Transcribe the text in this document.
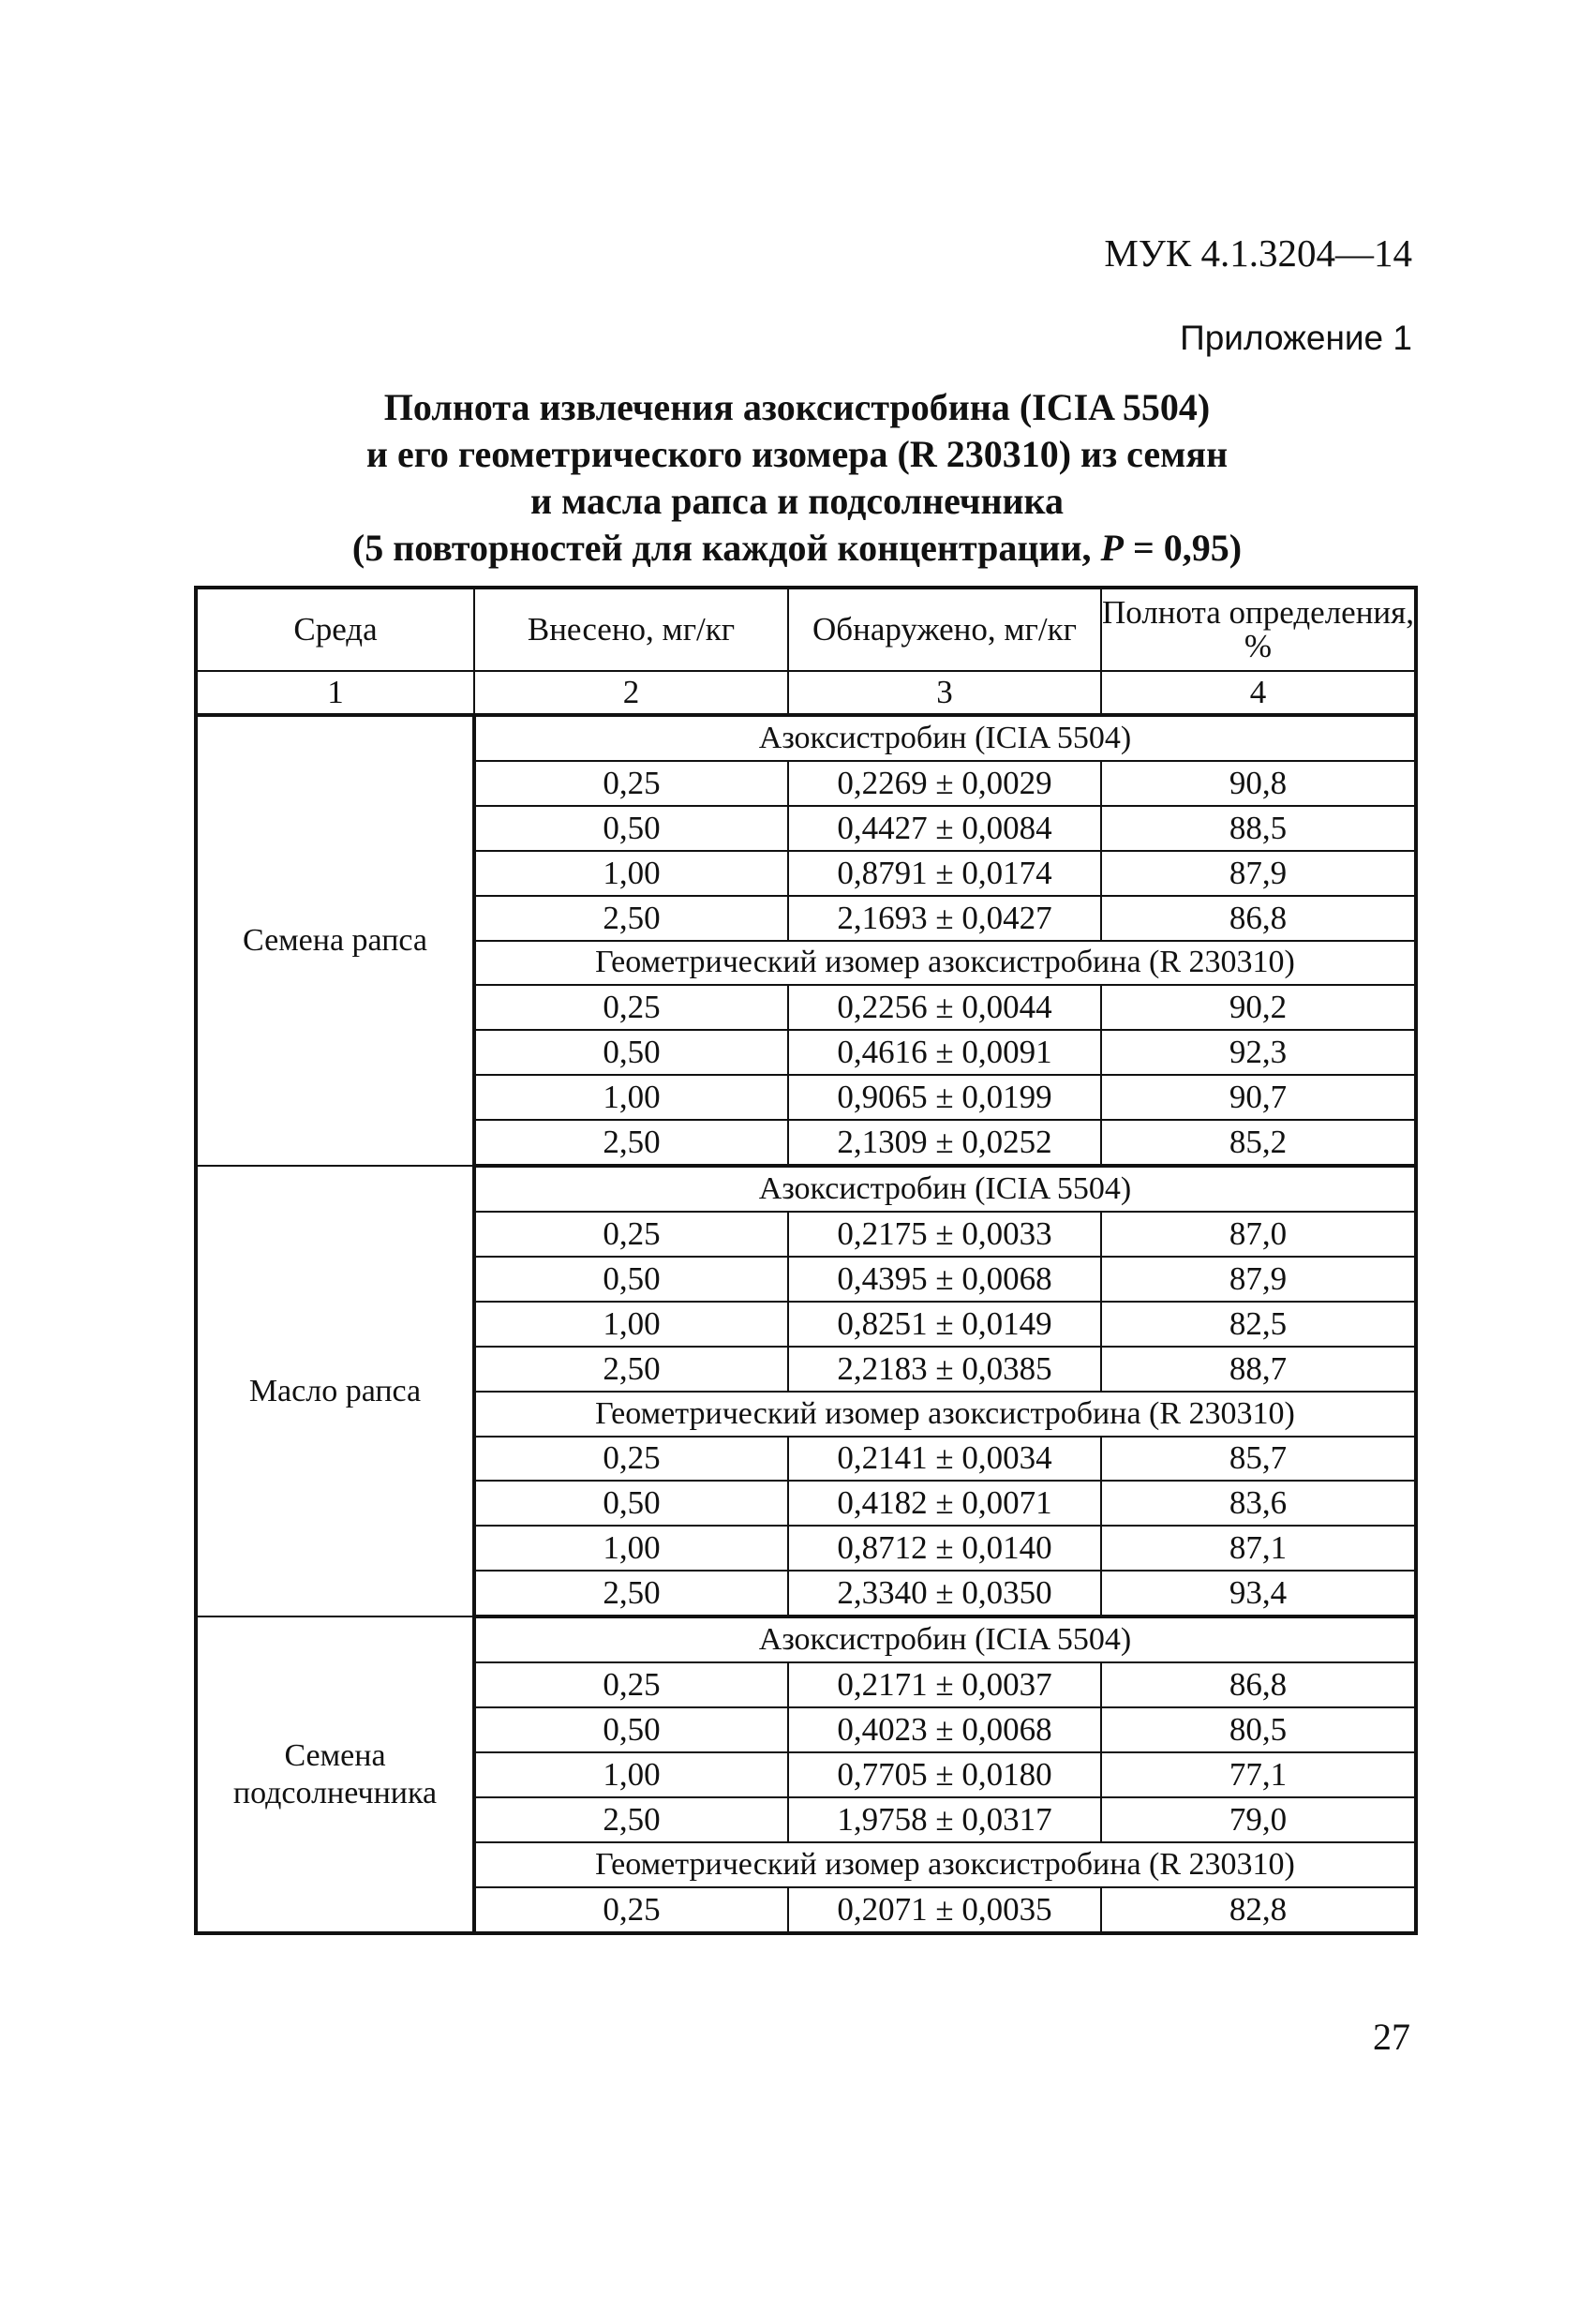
МУК 4.1.3204—14
Приложение 1
Полнота извлечения азоксистробина (ICIA 5504)
и его геометрического изомера (R 230310) из семян
и масла рапса и подсолнечника
(5 повторностей для каждой концентрации, P = 0,95)
Среда	Внесено, мг/кг	Обнаружено, мг/кг	Полнота определения, %
1	2	3	4
Семена рапса	Азоксистробин (ICIA 5504)		
	0,25	0,2269 ± 0,0029	90,8
	0,50	0,4427 ± 0,0084	88,5
	1,00	0,8791 ± 0,0174	87,9
	2,50	2,1693 ± 0,0427	86,8
	Геометрический изомер азоксистробина (R 230310)		
	0,25	0,2256 ± 0,0044	90,2
	0,50	0,4616 ± 0,0091	92,3
	1,00	0,9065 ± 0,0199	90,7
	2,50	2,1309 ± 0,0252	85,2
Масло рапса	Азоксистробин (ICIA 5504)		
	0,25	0,2175 ± 0,0033	87,0
	0,50	0,4395 ± 0,0068	87,9
	1,00	0,8251 ± 0,0149	82,5
	2,50	2,2183 ± 0,0385	88,7
	Геометрический изомер азоксистробина (R 230310)		
	0,25	0,2141 ± 0,0034	85,7
	0,50	0,4182 ± 0,0071	83,6
	1,00	0,8712 ± 0,0140	87,1
	2,50	2,3340 ± 0,0350	93,4
Семена подсолнечника	Азоксистробин (ICIA 5504)		
	0,25	0,2171 ± 0,0037	86,8
	0,50	0,4023 ± 0,0068	80,5
	1,00	0,7705 ± 0,0180	77,1
	2,50	1,9758 ± 0,0317	79,0
	Геометрический изомер азоксистробина (R 230310)		
	0,25	0,2071 ± 0,0035	82,8
27
